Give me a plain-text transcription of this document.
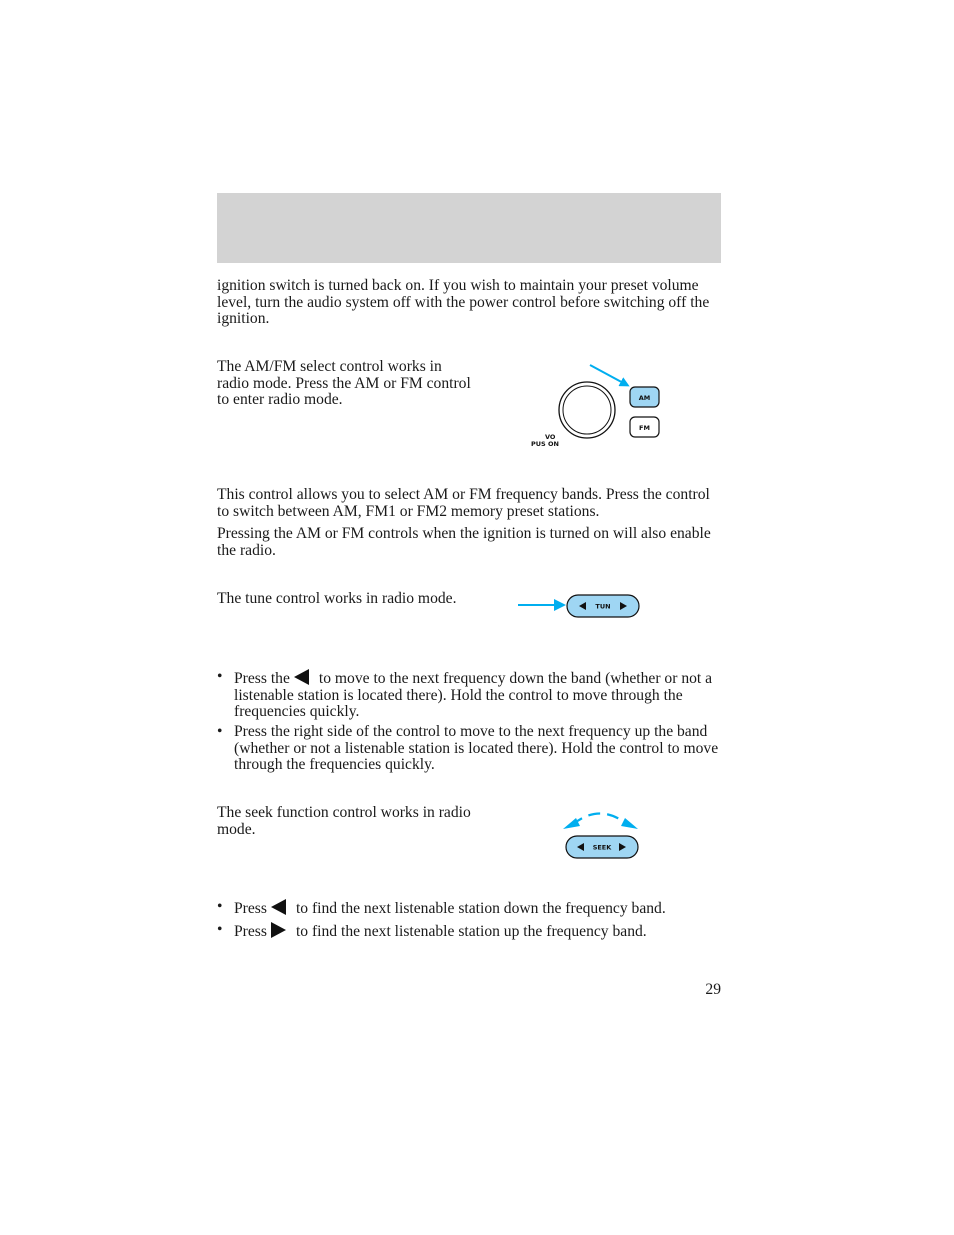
ignition switch is turned back on. If you wish to maintain your preset volume level, turn the audio system off with the power control before switching off the ignition.

The AM/FM select control works in radio mode. Press the AM or FM control to enter radio mode.

VO
PUS ON
AM
FM

This control allows you to select AM or FM frequency bands. Press the control to switch between AM, FM1 or FM2 memory preset stations.

Pressing the AM or FM controls when the ignition is turned on will also enable the radio.

The tune control works in radio mode.	TUN
• Press the to move to the next frequency down the band (whether or not a listenable station is located there). Hold the control to move through the frequencies quickly.
• Press the right side of the control to move to the next frequency up the band (whether or not a listenable station is located there). Hold the control to move through the frequencies quickly.

The seek function control works in radio mode.

SEEK
• Press to find the next listenable station down the frequency band.
• Press to find the next listenable station up the frequency band.
29
